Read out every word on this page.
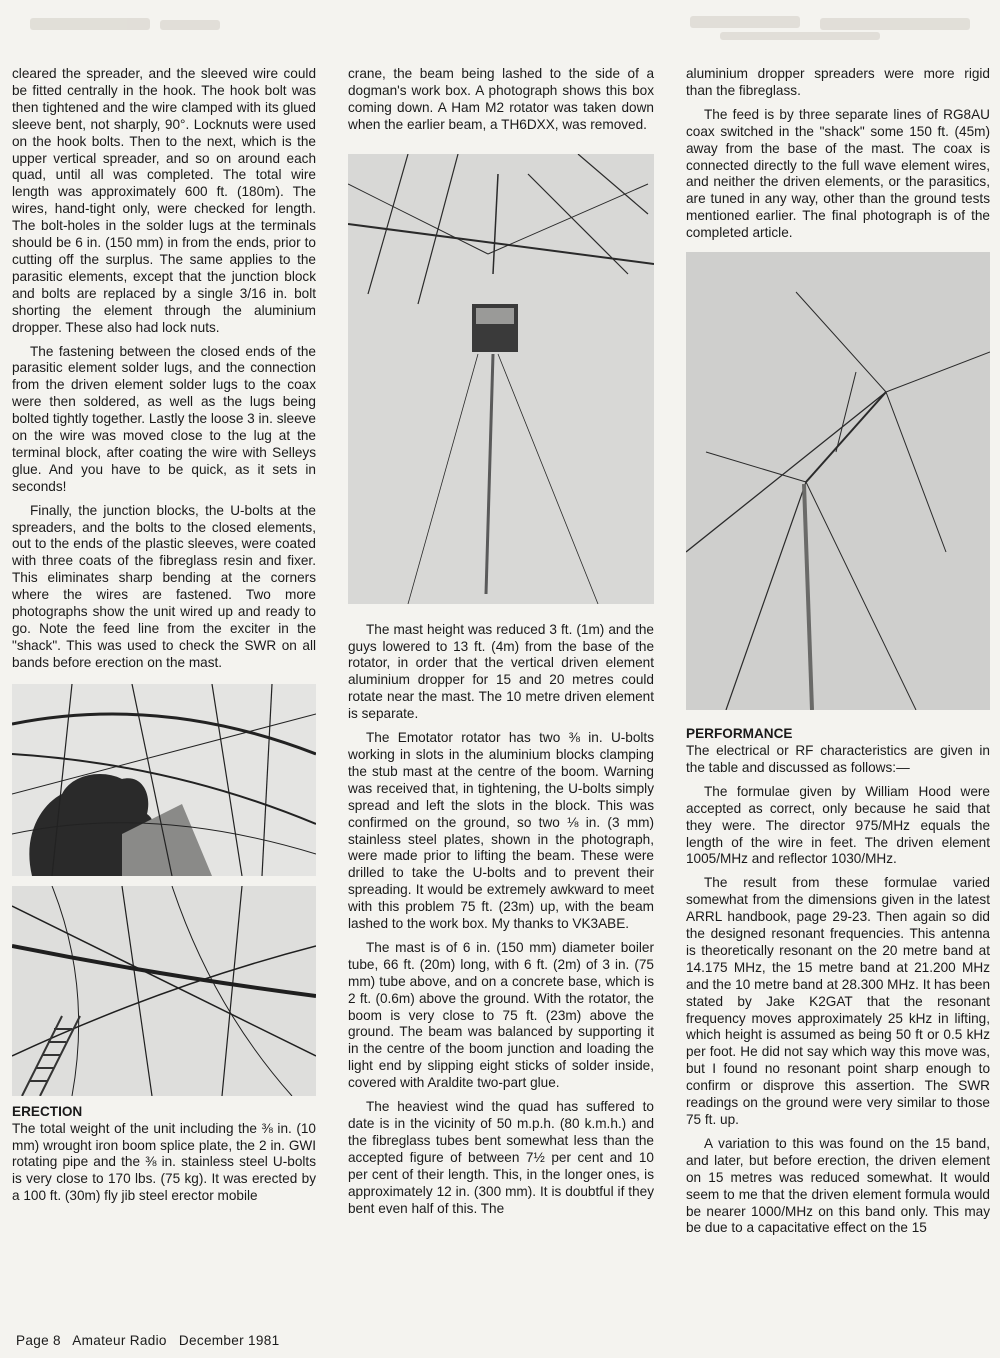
cleared the spreader, and the sleeved wire could be fitted centrally in the hook. The hook bolt was then tightened and the wire clamped with its glued sleeve bent, not sharply, 90°. Locknuts were used on the hook bolts. Then to the next, which is the upper vertical spreader, and so on around each quad, until all was completed. The total wire length was approximately 600 ft. (180m). The wires, hand-tight only, were checked for length. The bolt-holes in the solder lugs at the terminals should be 6 in. (150 mm) in from the ends, prior to cutting off the surplus. The same applies to the parasitic elements, except that the junction block and bolts are replaced by a single 3/16 in. bolt shorting the element through the aluminium dropper. These also had lock nuts.

The fastening between the closed ends of the parasitic element solder lugs, and the connection from the driven element solder lugs to the coax were then soldered, as well as the lugs being bolted tightly together. Lastly the loose 3 in. sleeve on the wire was moved close to the lug at the terminal block, after coating the wire with Selleys glue. And you have to be quick, as it sets in seconds!

Finally, the junction blocks, the U-bolts at the spreaders, and the bolts to the closed elements, out to the ends of the plastic sleeves, were coated with three coats of the fibreglass resin and fixer. This eliminates sharp bending at the corners where the wires are fastened. Two more photographs show the unit wired up and ready to go. Note the feed line from the exciter in the "shack". This was used to check the SWR on all bands before erection on the mast.

ERECTION

The total weight of the unit including the ⅜ in. (10 mm) wrought iron boom splice plate, the 2 in. GWI rotating pipe and the ⅜ in. stainless steel U-bolts is very close to 170 lbs. (75 kg). It was erected by a 100 ft. (30m) fly jib steel erector mobile

crane, the beam being lashed to the side of a dogman's work box. A photograph shows this box coming down. A Ham M2 rotator was taken down when the earlier beam, a TH6DXX, was removed.

The mast height was reduced 3 ft. (1m) and the guys lowered to 13 ft. (4m) from the base of the rotator, in order that the vertical driven element aluminium dropper for 15 and 20 metres could rotate near the mast. The 10 metre driven element is separate.

The Emotator rotator has two ⅜ in. U-bolts working in slots in the aluminium blocks clamping the stub mast at the centre of the boom. Warning was received that, in tightening, the U-bolts simply spread and left the slots in the block. This was confirmed on the ground, so two ⅛ in. (3 mm) stainless steel plates, shown in the photograph, were made prior to lifting the beam. These were drilled to take the U-bolts and to prevent their spreading. It would be extremely awkward to meet with this problem 75 ft. (23m) up, with the beam lashed to the work box. My thanks to VK3ABE.

The mast is of 6 in. (150 mm) diameter boiler tube, 66 ft. (20m) long, with 6 ft. (2m) of 3 in. (75 mm) tube above, and on a concrete base, which is 2 ft. (0.6m) above the ground. With the rotator, the boom is very close to 75 ft. (23m) above the ground. The beam was balanced by supporting it in the centre of the boom junction and loading the light end by slipping eight sticks of solder inside, covered with Araldite two-part glue.

The heaviest wind the quad has suffered to date is in the vicinity of 50 m.p.h. (80 k.m.h.) and the fibreglass tubes bent somewhat less than the accepted figure of between 7½ per cent and 10 per cent of their length. This, in the longer ones, is approximately 12 in. (300 mm). It is doubtful if they bent even half of this. The

aluminium dropper spreaders were more rigid than the fibreglass.

The feed is by three separate lines of RG8AU coax switched in the "shack" some 150 ft. (45m) away from the base of the mast. The coax is connected directly to the full wave element wires, and neither the driven elements, or the parasitics, are tuned in any way, other than the ground tests mentioned earlier. The final photograph is of the completed article.

PERFORMANCE

The electrical or RF characteristics are given in the table and discussed as follows:—

The formulae given by William Hood were accepted as correct, only because he said that they were. The director 975/MHz equals the length of the wire in feet. The driven element 1005/MHz and reflector 1030/MHz.

The result from these formulae varied somewhat from the dimensions given in the latest ARRL handbook, page 29-23. Then again so did the designed resonant frequencies. This antenna is theoretically resonant on the 20 metre band at 14.175 MHz, the 15 metre band at 21.200 MHz and the 10 metre band at 28.300 MHz. It has been stated by Jake K2GAT that the resonant frequency moves approximately 25 kHz in lifting, which height is assumed as being 50 ft or 0.5 kHz per foot. He did not say which way this move was, but I found no resonant point sharp enough to confirm or disprove this assertion. The SWR readings on the ground were very similar to those 75 ft. up.

A variation to this was found on the 15 band, and later, but before erection, the driven element on 15 metres was reduced somewhat. It would seem to me that the driven element formula would be nearer 1000/MHz on this band only. This may be due to a capacitative effect on the 15

Page 8 Amateur Radio December 1981
